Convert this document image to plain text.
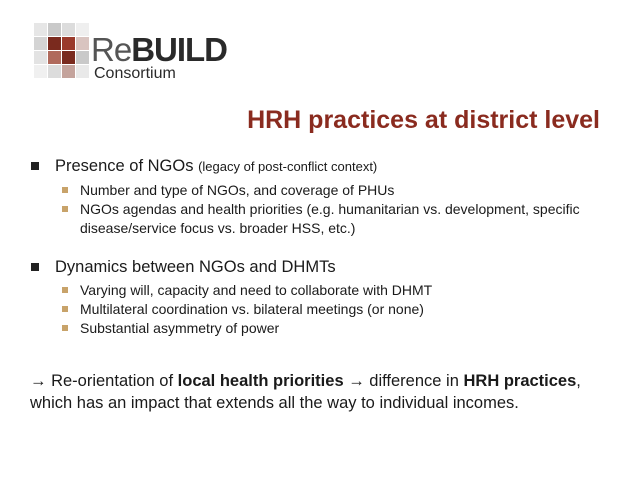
ReBUILD
Consortium
HRH practices at district level
Presence of NGOs (legacy of post-conflict context)
Number and type of NGOs, and coverage of PHUs
NGOs agendas and health priorities (e.g. humanitarian vs. development, specific disease/service focus vs. broader HSS, etc.)
Dynamics between NGOs and DHMTs
Varying will, capacity and need to collaborate with DHMT
Multilateral coordination vs. bilateral meetings (or none)
Substantial asymmetry of power
→ Re-orientation of local health priorities → difference in HRH practices, which has an impact that extends all the way to individual incomes.
